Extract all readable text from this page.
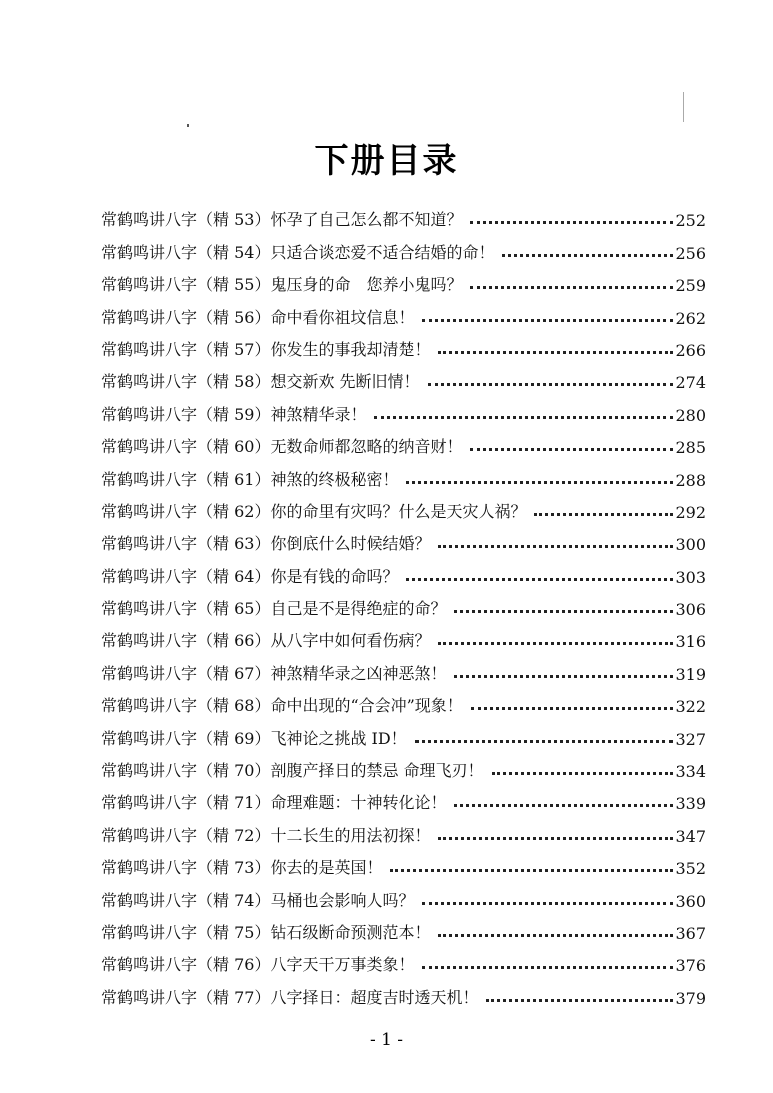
下册目录
常鹤鸣讲八字（精 53）怀孕了自己怎么都不知道？	252
常鹤鸣讲八字（精 54）只适合谈恋爱不适合结婚的命！	256
常鹤鸣讲八字（精 55）鬼压身的命　您养小鬼吗？	259
常鹤鸣讲八字（精 56）命中看你祖坟信息！	262
常鹤鸣讲八字（精 57）你发生的事我却清楚！	266
常鹤鸣讲八字（精 58）想交新欢 先断旧情！	274
常鹤鸣讲八字（精 59）神煞精华录！	280
常鹤鸣讲八字（精 60）无数命师都忽略的纳音财！	285
常鹤鸣讲八字（精 61）神煞的终极秘密！	288
常鹤鸣讲八字（精 62）你的命里有灾吗？什么是天灾人祸？	292
常鹤鸣讲八字（精 63）你倒底什么时候结婚？	300
常鹤鸣讲八字（精 64）你是有钱的命吗？	303
常鹤鸣讲八字（精 65）自己是不是得绝症的命？	306
常鹤鸣讲八字（精 66）从八字中如何看伤病？	316
常鹤鸣讲八字（精 67）神煞精华录之凶神恶煞！	319
常鹤鸣讲八字（精 68）命中出现的“合会冲”现象！	322
常鹤鸣讲八字（精 69）飞神论之挑战 ID！	327
常鹤鸣讲八字（精 70）剖腹产择日的禁忌 命理飞刃！	334
常鹤鸣讲八字（精 71）命理难题：十神转化论！	339
常鹤鸣讲八字（精 72）十二长生的用法初探！	347
常鹤鸣讲八字（精 73）你去的是英国！	352
常鹤鸣讲八字（精 74）马桶也会影响人吗？	360
常鹤鸣讲八字（精 75）钻石级断命预测范本！	367
常鹤鸣讲八字（精 76）八字天干万事类象！	376
常鹤鸣讲八字（精 77）八字择日：超度吉时透天机！	379
- 1 -
